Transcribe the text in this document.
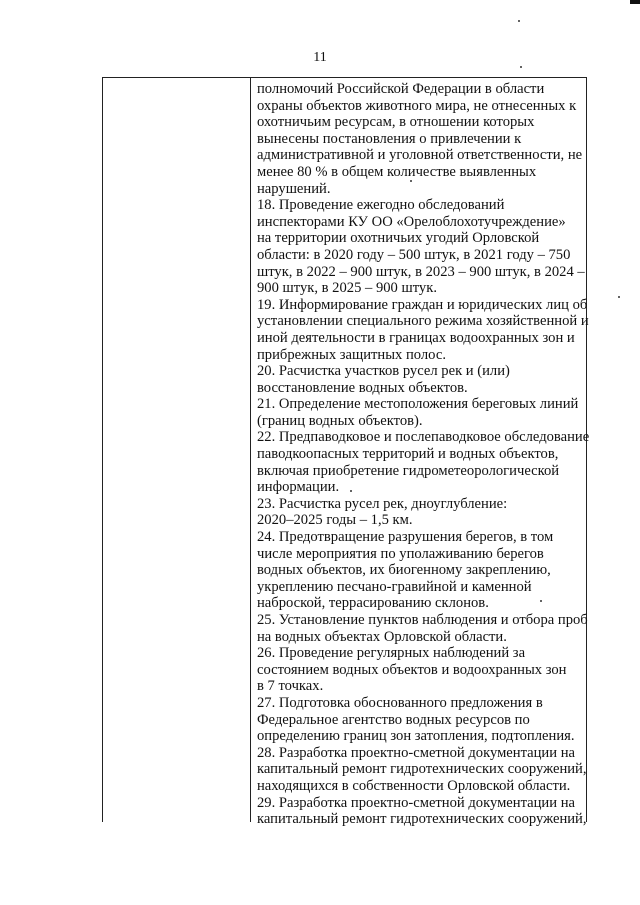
11
полномочий Российской Федерации в области
охраны объектов животного мира, не отнесенных к
охотничьим ресурсам, в отношении которых
вынесены постановления о привлечении к
административной и уголовной ответственности, не
менее 80 % в общем количестве выявленных
нарушений.
18. Проведение ежегодно обследований
инспекторами КУ ОО «Орелоблохотучреждение»
на территории охотничьих угодий Орловской
области: в 2020 году – 500 штук, в 2021 году – 750
штук, в 2022 – 900 штук, в 2023 – 900 штук, в 2024 –
900 штук, в 2025 – 900 штук.
19. Информирование граждан и юридических лиц об
установлении специального режима хозяйственной и
иной деятельности в границах водоохранных зон и
прибрежных защитных полос.
20. Расчистка участков русел рек и (или)
восстановление водных объектов.
21. Определение местоположения береговых линий
(границ водных объектов).
22. Предпаводковое и послепаводковое обследование
паводкоопасных территорий и водных объектов,
включая приобретение гидрометеорологической
информации.
23. Расчистка русел рек, дноуглубление:
2020–2025 годы – 1,5 км.
24. Предотвращение разрушения берегов, в том
числе мероприятия по уполаживанию берегов
водных объектов, их биогенному закреплению,
укреплению песчано-гравийной и каменной
наброской, террасированию склонов.
25. Установление пунктов наблюдения и отбора проб
на водных объектах Орловской области.
26. Проведение регулярных наблюдений за
состоянием водных объектов и водоохранных зон
в 7 точках.
27. Подготовка обоснованного предложения в
Федеральное агентство водных ресурсов по
определению границ зон затопления, подтопления.
28. Разработка проектно-сметной документации на
капитальный ремонт гидротехнических сооружений,
находящихся в собственности Орловской области.
29. Разработка проектно-сметной документации на
капитальный ремонт гидротехнических сооружений,
